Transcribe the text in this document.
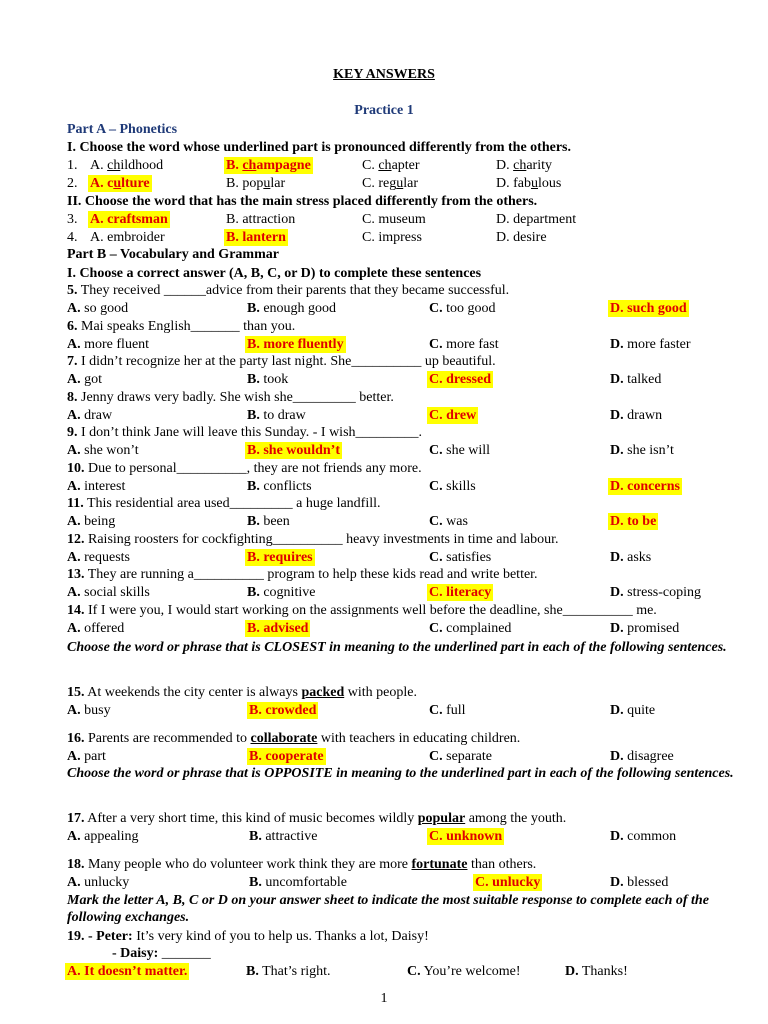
KEY ANSWERS
Practice 1
Part A – Phonetics
I. Choose the word whose underlined part is pronounced differently from the others.
1. A. childhood	B. champagne	C. chapter	D. charity
2. A. culture	B. popular	C. regular	D. fabulous
II. Choose the word that has the main stress placed differently from the others.
3. A. craftsman	B. attraction	C. museum	D. department
4. A. embroider	B. lantern	C. impress	D. desire
Part B – Vocabulary and Grammar
I. Choose a correct answer (A, B, C, or D) to complete these sentences
5. They received ______advice from their parents that they became successful.
A. so good	B. enough good	C. too good	D. such good
6. Mai speaks English_______ than you.
A. more fluent	B. more fluently	C. more fast	D. more faster
7. I didn’t recognize her at the party last night. She__________ up beautiful.
A. got	B. took	C. dressed	D. talked
8. Jenny draws very badly. She wish she_________ better.
A. draw	B. to draw	C. drew	D. drawn
9. I don’t think Jane will leave this Sunday. - I wish_________.
A. she won’t	B. she wouldn’t	C. she will	D. she isn’t
10. Due to personal__________, they are not friends any more.
A. interest	B. conflicts	C. skills	D. concerns
11. This residential area used_________ a huge landfill.
A. being	B. been	C. was	D. to be
12. Raising roosters for cockfighting__________ heavy investments in time and labour.
A. requests	B. requires	C. satisfies	D. asks
13. They are running a__________ program to help these kids read and write better.
A. social skills	B. cognitive	C. literacy	D. stress-coping
14. If I were you, I would start working on the assignments well before the deadline, she__________ me.
A. offered	B. advised	C. complained	D. promised
Choose the word or phrase that is CLOSEST in meaning to the underlined part in each of the following sentences.
15. At weekends the city center is always packed with people.
A. busy	B. crowded	C. full	D. quite
16. Parents are recommended to collaborate with teachers in educating children.
A. part	B. cooperate	C. separate	D. disagree
Choose the word or phrase that is OPPOSITE in meaning to the underlined part in each of the following sentences.
17. After a very short time, this kind of music becomes wildly popular among the youth.
A. appealing	B. attractive	C. unknown	D. common
18. Many people who do volunteer work think they are more fortunate than others.
A. unlucky	B. uncomfortable	C. unlucky	D. blessed
Mark the letter A, B, C or D on your answer sheet to indicate the most suitable response to complete each of the following exchanges.
19. - Peter: It’s very kind of you to help us. Thanks a lot, Daisy!
- Daisy: _______
A. It doesn’t matter.	B. That’s right.	C. You’re welcome!	D. Thanks!
1
